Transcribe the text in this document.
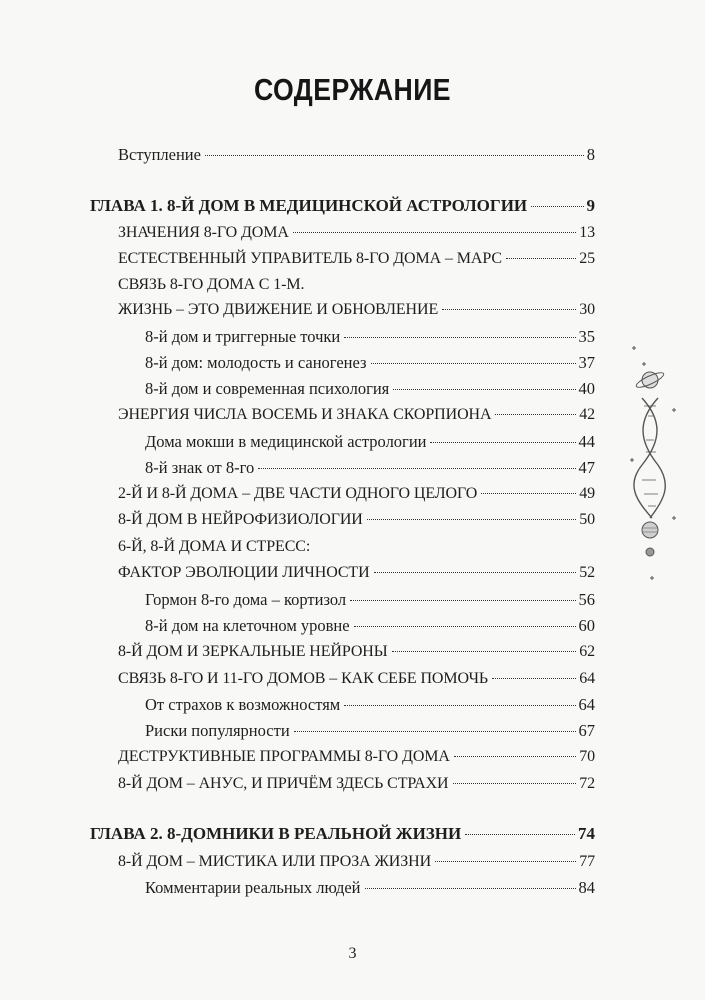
СОДЕРЖАНИЕ
Вступление	8
ГЛАВА 1. 8-Й ДОМ В МЕДИЦИНСКОЙ АСТРОЛОГИИ	9
ЗНАЧЕНИЯ 8-ГО ДОМА	13
ЕСТЕСТВЕННЫЙ УПРАВИТЕЛЬ 8-ГО ДОМА – МАРС	25
СВЯЗЬ 8-ГО ДОМА С 1-М.
ЖИЗНЬ – ЭТО ДВИЖЕНИЕ И ОБНОВЛЕНИЕ	30
8-й дом и триггерные точки	35
8-й дом: молодость и саногенез	37
8-й дом и современная психология	40
ЭНЕРГИЯ ЧИСЛА ВОСЕМЬ И ЗНАКА СКОРПИОНА	42
Дома мокши в медицинской астрологии	44
8-й знак от 8-го	47
2-Й И 8-Й ДОМА – ДВЕ ЧАСТИ ОДНОГО ЦЕЛОГО	49
8-Й ДОМ В НЕЙРОФИЗИОЛОГИИ	50
6-Й, 8-Й ДОМА И СТРЕСС:
ФАКТОР ЭВОЛЮЦИИ ЛИЧНОСТИ	52
Гормон 8-го дома – кортизол	56
8-й дом на клеточном уровне	60
8-Й ДОМ И ЗЕРКАЛЬНЫЕ НЕЙРОНЫ	62
СВЯЗЬ 8-ГО И 11-ГО ДОМОВ – КАК СЕБЕ ПОМОЧЬ	64
От страхов к возможностям	64
Риски популярности	67
ДЕСТРУКТИВНЫЕ ПРОГРАММЫ 8-ГО ДОМА	70
8-Й ДОМ – АНУС, И ПРИЧЁМ ЗДЕСЬ СТРАХИ	72
ГЛАВА 2. 8-ДОМНИКИ В РЕАЛЬНОЙ ЖИЗНИ	74
8-Й ДОМ – МИСТИКА ИЛИ ПРОЗА ЖИЗНИ	77
Комментарии реальных людей	84
3
